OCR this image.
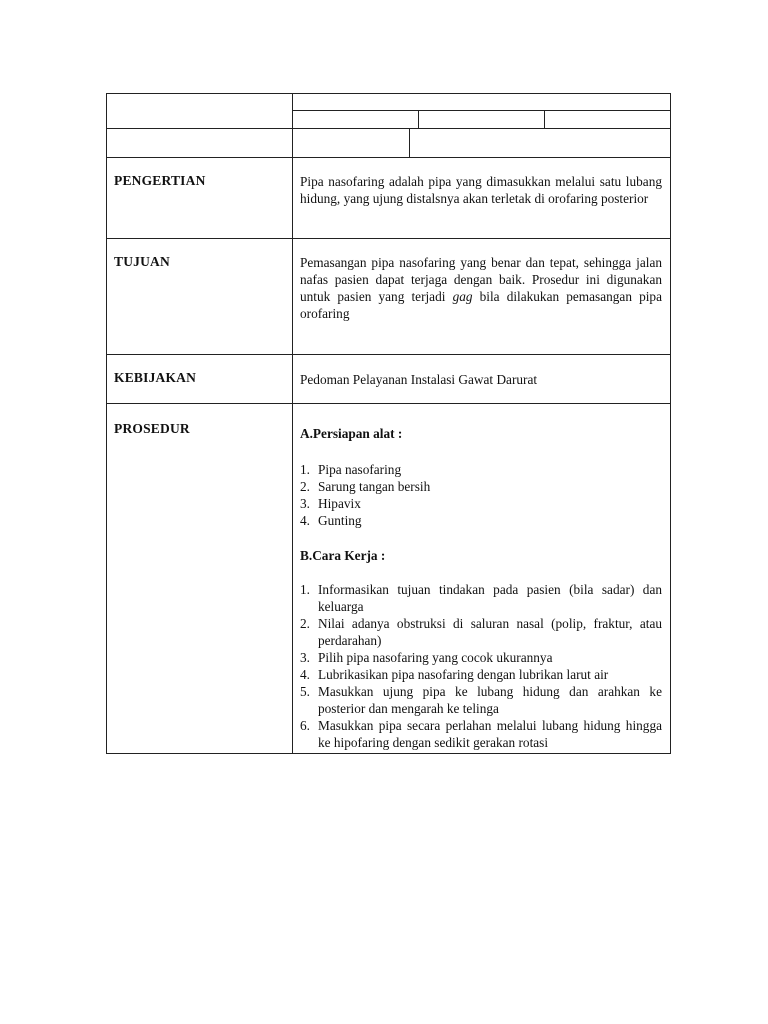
PENGERTIAN	Pipa nasofaring adalah pipa yang dimasukkan melalui satu lubang hidung, yang ujung distalsnya akan terletak di orofaring posterior

TUJUAN	Pemasangan pipa nasofaring yang benar dan tepat, sehingga jalan nafas pasien dapat terjaga dengan baik. Prosedur ini digunakan untuk pasien yang terjadi gag bila dilakukan pemasangan pipa orofaring

KEBIJAKAN	Pedoman Pelayanan Instalasi Gawat Darurat

PROSEDUR	A.Persiapan alat :
Pipa nasofaring
Sarung tangan bersih
Hipavix
Gunting
B.Cara Kerja :
Informasikan tujuan tindakan pada pasien (bila sadar) dan keluarga
Nilai adanya obstruksi di saluran nasal (polip, fraktur, atau perdarahan)
Pilih pipa nasofaring yang cocok ukurannya
Lubrikasikan pipa nasofaring dengan lubrikan larut air
Masukkan ujung pipa ke lubang hidung dan arahkan ke posterior dan mengarah ke telinga
Masukkan pipa secara perlahan melalui lubang hidung hingga ke hipofaring dengan sedikit gerakan rotasi
